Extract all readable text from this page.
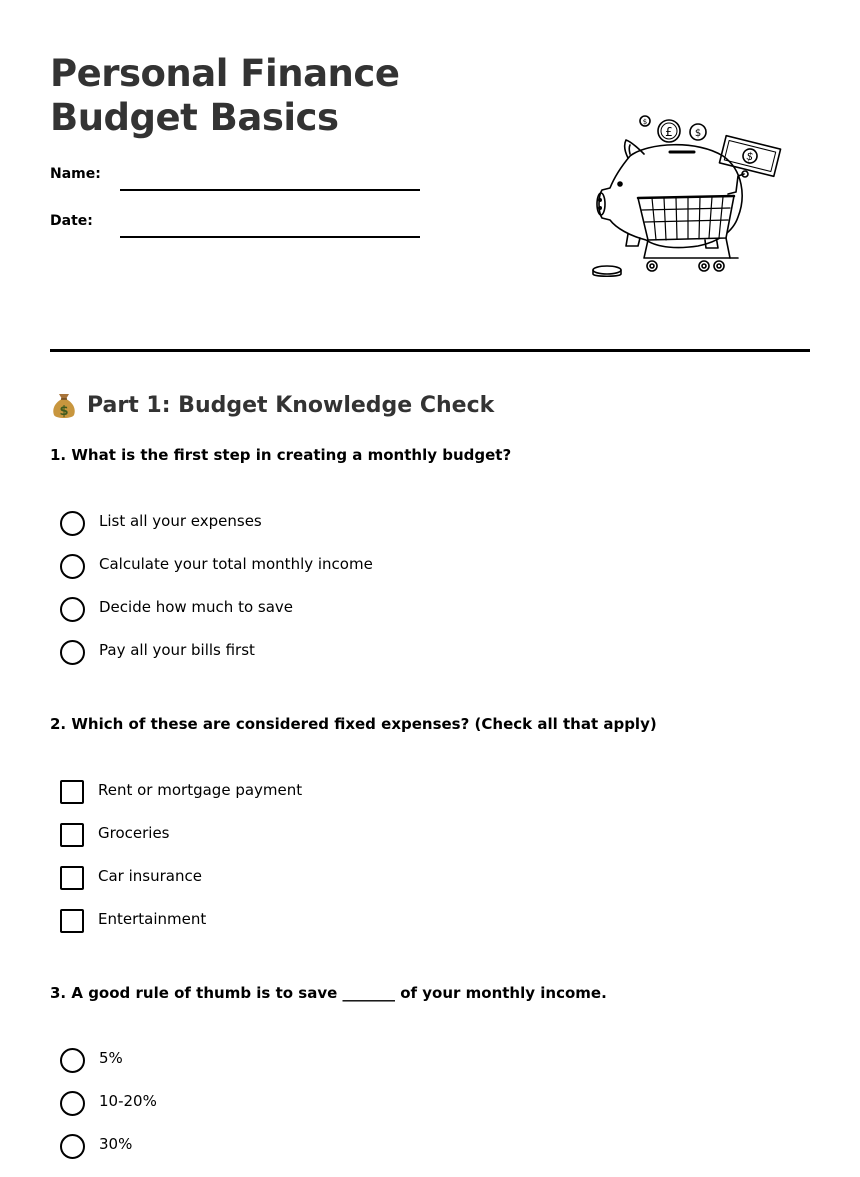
Personal Finance
Budget Basics
Name:
Date:
$
£ $
$
$ Part 1: Budget Knowledge Check

1. What is the first step in creating a monthly budget?

List all your expenses
Calculate your total monthly income
Decide how much to save
Pay all your bills first

2. Which of these are considered fixed expenses? (Check all that apply)

Rent or mortgage payment
Groceries
Car insurance
Entertainment

3. A good rule of thumb is to save _______ of your monthly income.

5%
10-20%
30%
